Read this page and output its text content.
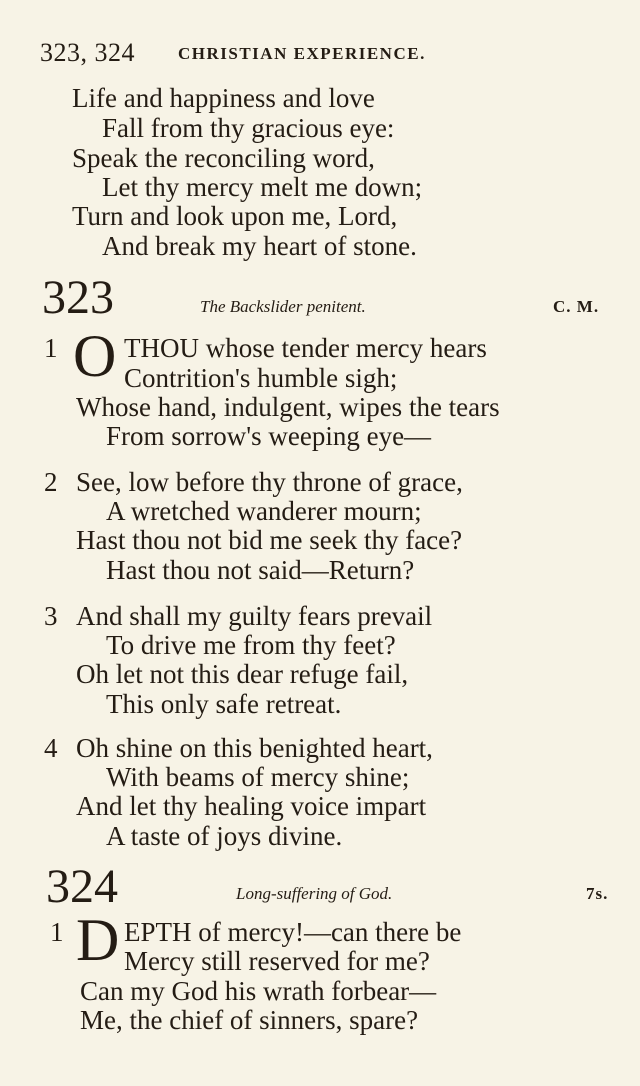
323, 324	CHRISTIAN EXPERIENCE.
Life and happiness and love
Fall from thy gracious eye:
Speak the reconciling word,
Let thy mercy melt me down;
Turn and look upon me, Lord,
And break my heart of stone.
323	The Backslider penitent.	C. M.
1 O THOU whose tender mercy hears
Contrition's humble sigh;
Whose hand, indulgent, wipes the tears
From sorrow's weeping eye—
2 See, low before thy throne of grace,
A wretched wanderer mourn;
Hast thou not bid me seek thy face?
Hast thou not said—Return?
3 And shall my guilty fears prevail
To drive me from thy feet?
Oh let not this dear refuge fail,
This only safe retreat.
4 Oh shine on this benighted heart,
With beams of mercy shine;
And let thy healing voice impart
A taste of joys divine.
324	Long-suffering of God.	7s.
1 D EPTH of mercy!—can there be
Mercy still reserved for me?
Can my God his wrath forbear—
Me, the chief of sinners, spare?
